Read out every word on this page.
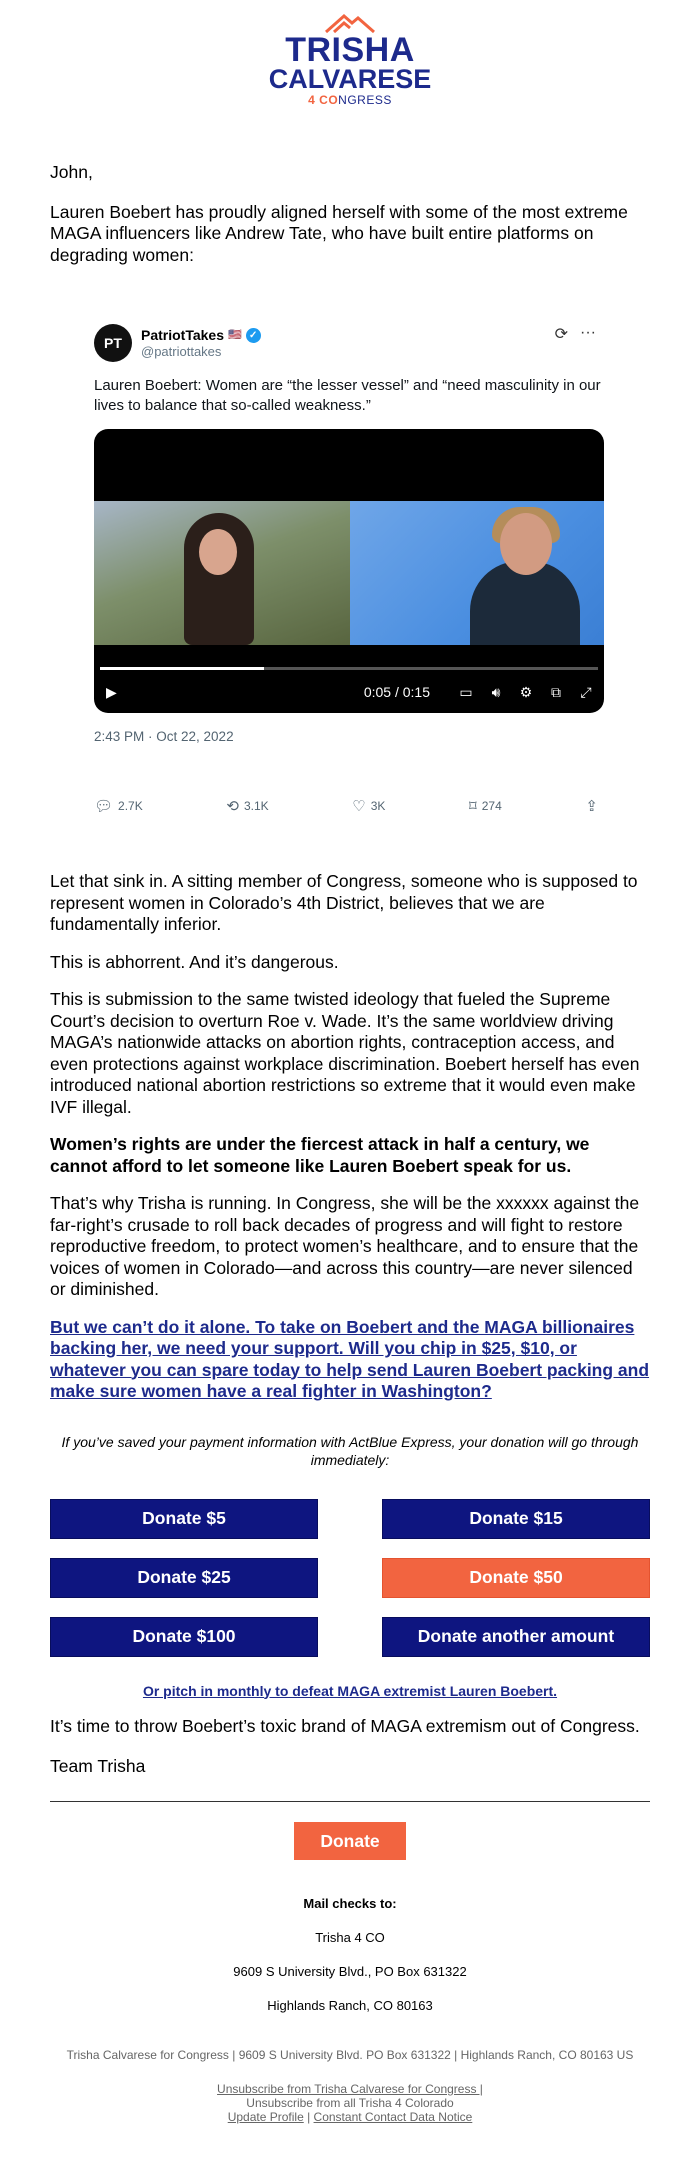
TRISHA
CALVARESE
4 CONGRESS

John,

Lauren Boebert has proudly aligned herself with some of the most extreme MAGA influencers like Andrew Tate, who have built entire platforms on degrading women:

PT	PatriotTakes 🇺🇸 ✓
@patriottakes
⟳ ···
Lauren Boebert: Women are “the lesser vessel” and “need masculinity in our lives to balance that so-called weakness.”
▶	0:05 / 0:15 ▭ 🔊︎ ⚙ ⧉ ⤢
2:43 PM · Oct 22, 2022
💬︎ 2.7K	⟲ 3.1K	♡ 3K	⌑ 274	⇪

Let that sink in. A sitting member of Congress, someone who is supposed to represent women in Colorado’s 4th District, believes that we are fundamentally inferior.

This is abhorrent. And it’s dangerous.

This is submission to the same twisted ideology that fueled the Supreme Court’s decision to overturn Roe v. Wade. It’s the same worldview driving MAGA’s nationwide attacks on abortion rights, contraception access, and even protections against workplace discrimination. Boebert herself has even introduced national abortion restrictions so extreme that it would even make IVF illegal.

Women’s rights are under the fiercest attack in half a century, we cannot afford to let someone like Lauren Boebert speak for us.

That’s why Trisha is running. In Congress, she will be the xxxxxx against the far-right’s crusade to roll back decades of progress and will fight to restore reproductive freedom, to protect women’s healthcare, and to ensure that the voices of women in Colorado—and across this country—are never silenced or diminished.

But we can’t do it alone. To take on Boebert and the MAGA billionaires backing her, we need your support. Will you chip in $25, $10, or whatever you can spare today to help send Lauren Boebert packing and make sure women have a real fighter in Washington?

If you’ve saved your payment information with ActBlue Express, your donation will go through immediately:

Donate $5	Donate $15
Donate $25	Donate $50
Donate $100	Donate another amount

Or pitch in monthly to defeat MAGA extremist Lauren Boebert.

It’s time to throw Boebert’s toxic brand of MAGA extremism out of Congress.

Team Trisha

Donate
Mail checks to:
Trisha 4 CO
9609 S University Blvd., PO Box 631322
Highlands Ranch, CO 80163
Trisha Calvarese for Congress | 9609 S University Blvd. PO Box 631322 | Highlands Ranch, CO 80163 US
Unsubscribe from Trisha Calvarese for Congress |
Unsubscribe from all Trisha 4 Colorado
Update Profile | Constant Contact Data Notice
